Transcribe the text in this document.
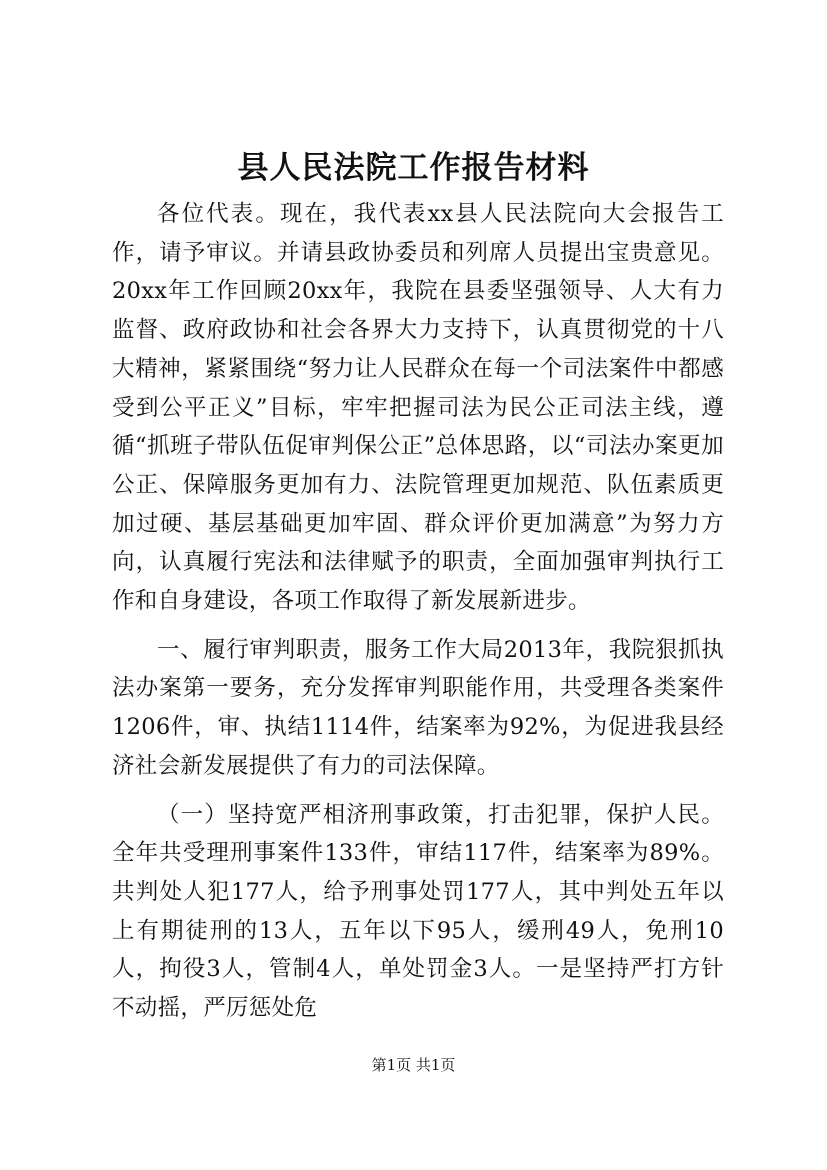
县人民法院工作报告材料

各位代表。现在，我代表xx县人民法院向大会报告工作，请予审议。并请县政协委员和列席人员提出宝贵意见。20xx年工作回顾20xx年，我院在县委坚强领导、人大有力监督、政府政协和社会各界大力支持下，认真贯彻党的十八大精神，紧紧围绕“努力让人民群众在每一个司法案件中都感受到公平正义”目标，牢牢把握司法为民公正司法主线，遵循“抓班子带队伍促审判保公正”总体思路，以“司法办案更加公正、保障服务更加有力、法院管理更加规范、队伍素质更加过硬、基层基础更加牢固、群众评价更加满意”为努力方向，认真履行宪法和法律赋予的职责，全面加强审判执行工作和自身建设，各项工作取得了新发展新进步。

一、履行审判职责，服务工作大局2013年，我院狠抓执法办案第一要务，充分发挥审判职能作用，共受理各类案件1206件，审、执结1114件，结案率为92%，为促进我县经济社会新发展提供了有力的司法保障。

（一）坚持宽严相济刑事政策，打击犯罪，保护人民。全年共受理刑事案件133件，审结117件，结案率为89%。共判处人犯177人，给予刑事处罚177人，其中判处五年以上有期徒刑的13人，五年以下95人，缓刑49人，免刑10人，拘役3人，管制4人，单处罚金3人。一是坚持严打方针不动摇，严厉惩处危

第1页 共1页
